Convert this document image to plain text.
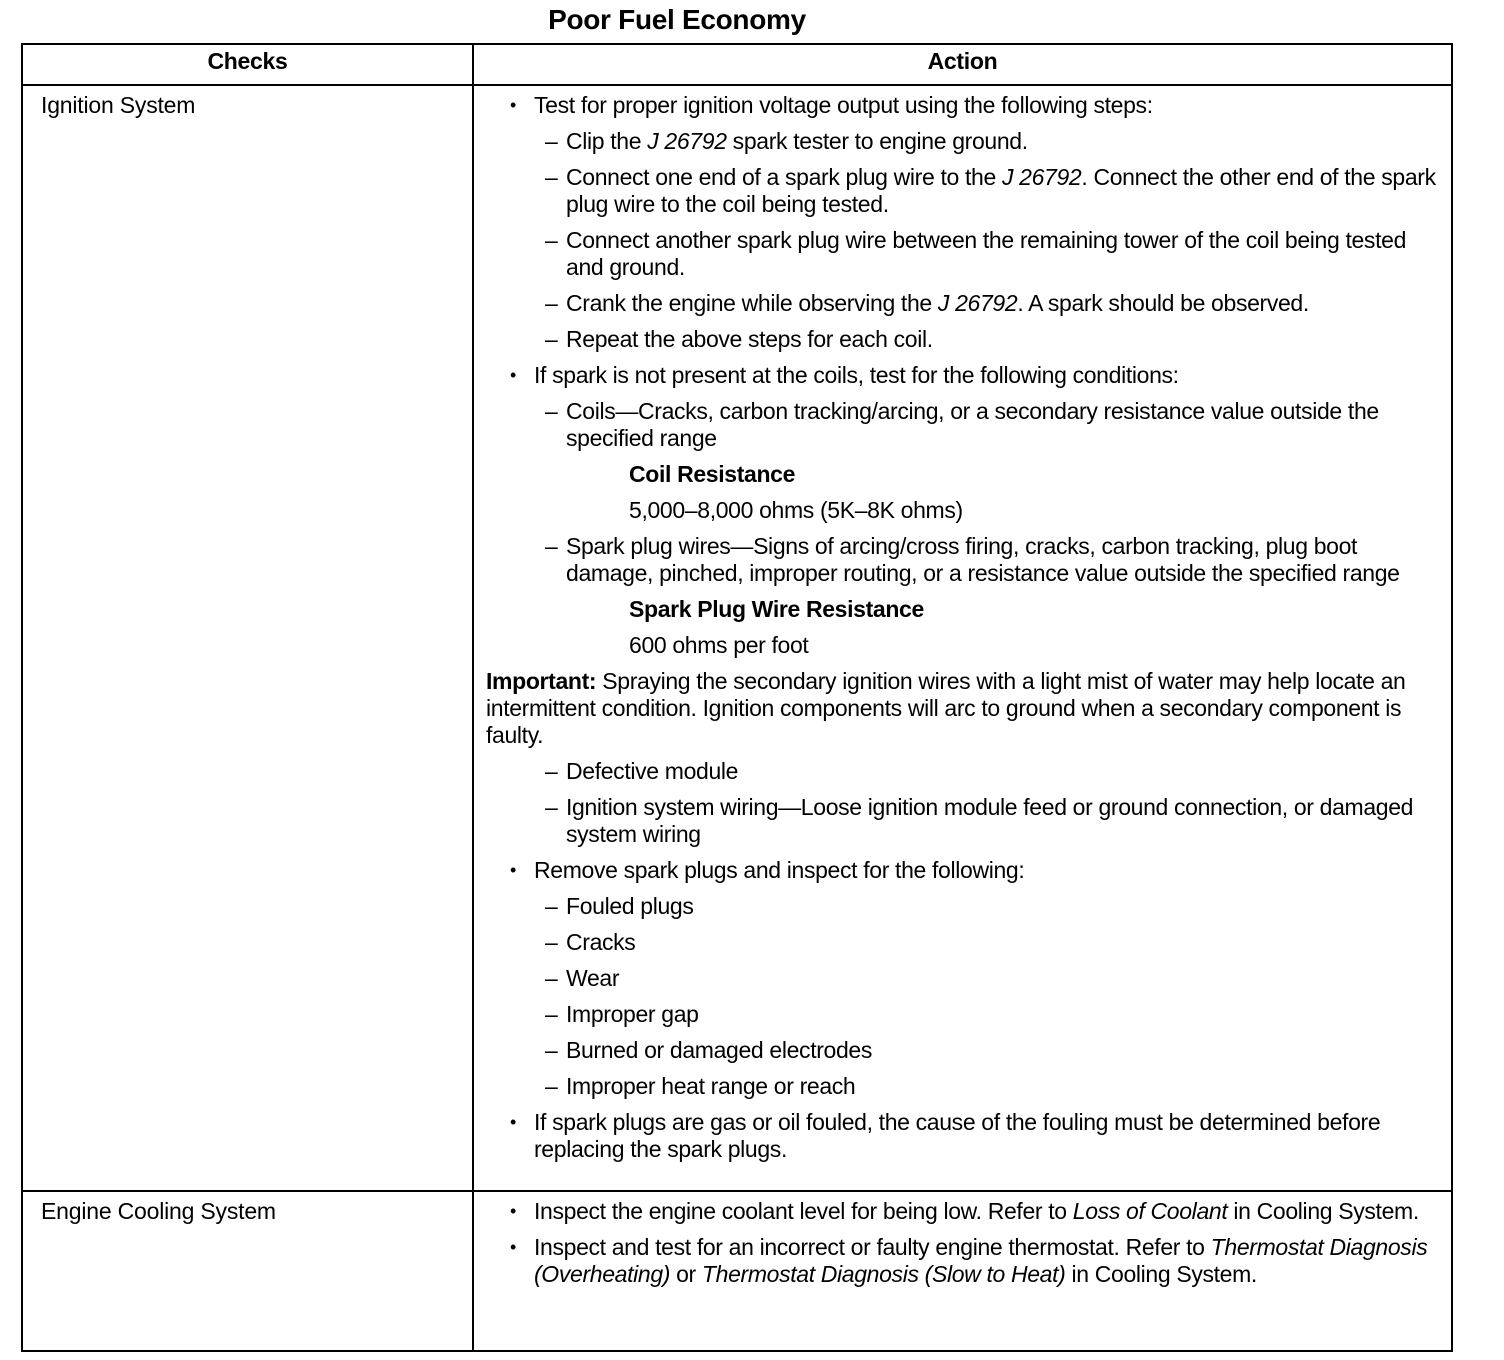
Poor Fuel Economy
Checks	Action
Ignition System	• Test for proper ignition voltage output using the following steps:
– Clip the J 26792 spark tester to engine ground.
– Connect one end of a spark plug wire to the J 26792. Connect the other end of the spark plug wire to the coil being tested.
– Connect another spark plug wire between the remaining tower of the coil being tested and ground.
– Crank the engine while observing the J 26792. A spark should be observed.
– Repeat the above steps for each coil.
• If spark is not present at the coils, test for the following conditions:
– Coils—Cracks, carbon tracking/arcing, or a secondary resistance value outside the specified range
Coil Resistance
5,000–8,000 ohms (5K–8K ohms)
– Spark plug wires—Signs of arcing/cross firing, cracks, carbon tracking, plug boot damage, pinched, improper routing, or a resistance value outside the specified range
Spark Plug Wire Resistance
600 ohms per foot
Important: Spraying the secondary ignition wires with a light mist of water may help locate an intermittent condition. Ignition components will arc to ground when a secondary component is faulty.
– Defective module
– Ignition system wiring—Loose ignition module feed or ground connection, or damaged system wiring
• Remove spark plugs and inspect for the following:
– Fouled plugs
– Cracks
– Wear
– Improper gap
– Burned or damaged electrodes
– Improper heat range or reach
• If spark plugs are gas or oil fouled, the cause of the fouling must be determined before replacing the spark plugs.

Engine Cooling System	• Inspect the engine coolant level for being low. Refer to Loss of Coolant in Cooling System.
• Inspect and test for an incorrect or faulty engine thermostat. Refer to Thermostat Diagnosis (Overheating) or Thermostat Diagnosis (Slow to Heat) in Cooling System.
